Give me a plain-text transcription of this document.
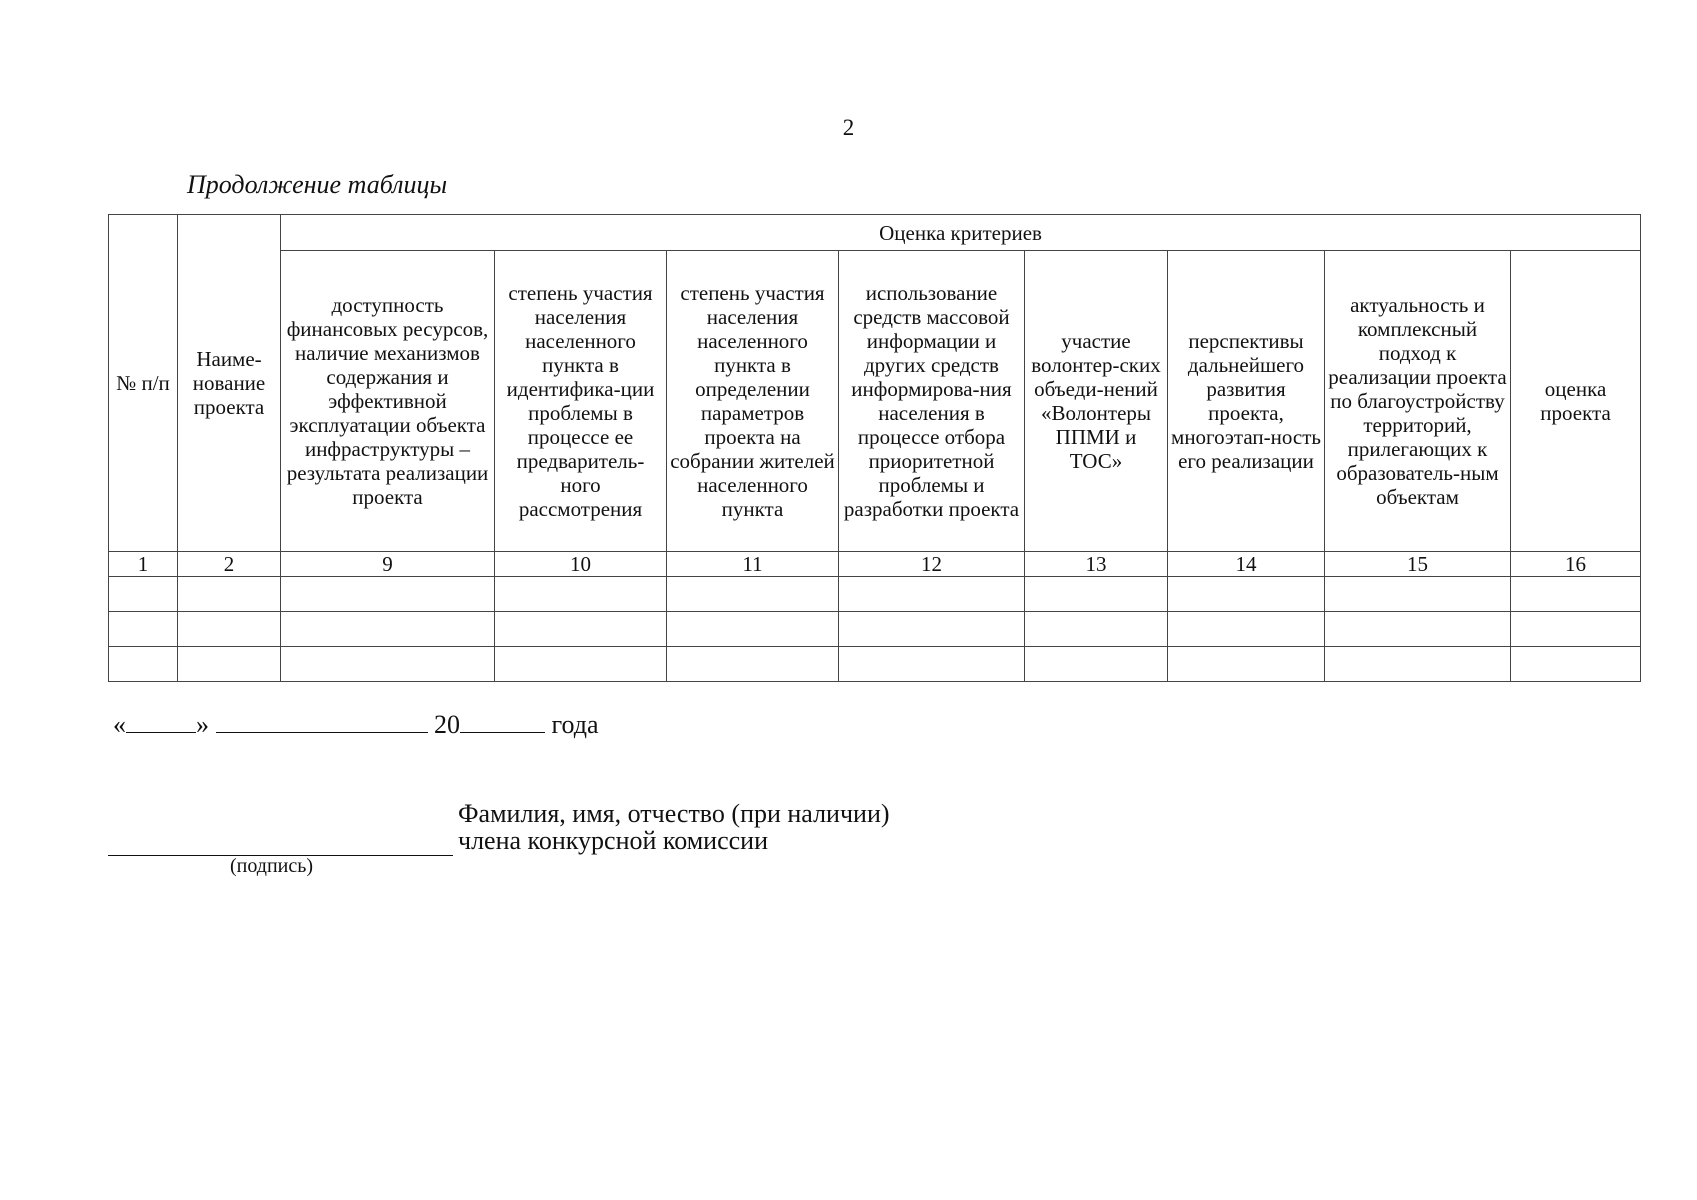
2
Продолжение таблицы
№ п/п	Наиме-нование проекта	Оценка критериев							
		доступность финансовых ресурсов, наличие механизмов содержания и эффективной эксплуатации объекта инфраструктуры – результата реализации проекта	степень участия населения населенного пункта в идентифика-ции проблемы в процессе ее предваритель-ного рассмотрения	степень участия населения населенного пункта в определении параметров проекта на собрании жителей населенного пункта	использование средств массовой информации и других средств информирова-ния населения в процессе отбора приоритетной проблемы и разработки проекта	участие волонтер-ских объеди-нений «Волонтеры ППМИ и ТОС»	перспективы дальнейшего развития проекта, многоэтап-ность его реализации	актуальность и комплексный подход к реализации проекта по благоустройству территорий, прилегающих к образователь-ным объектам	оценка проекта
1	2	9	10	11	12	13	14	15	16

«	»	20	года
(подпись)
Фамилия, имя, отчество (при наличии)
члена конкурсной комиссии
